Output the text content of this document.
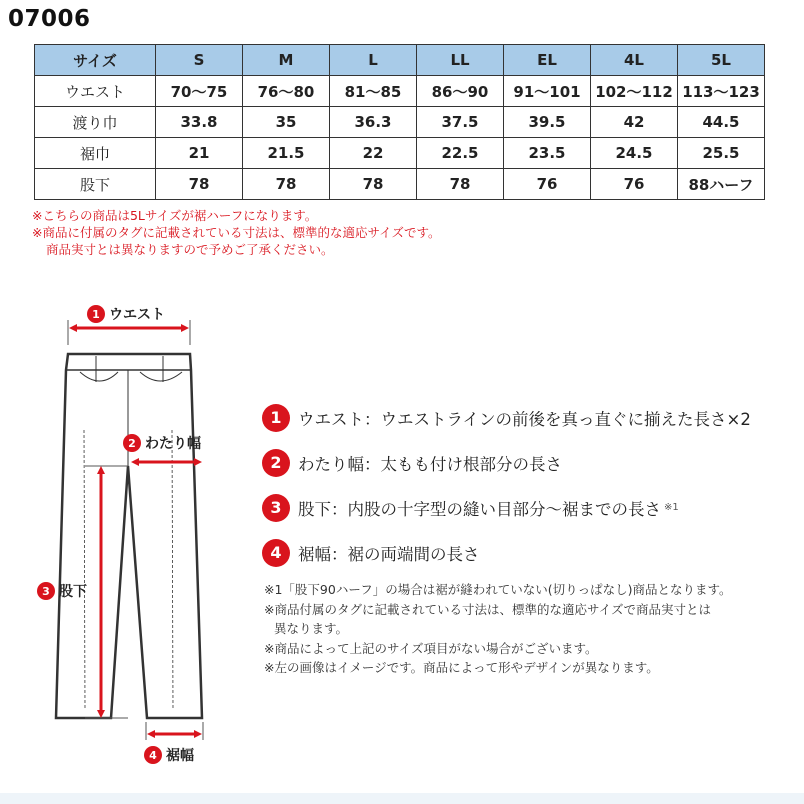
07006
サイズ	S	M	L	LL	EL	4L	5L
ウエスト	70〜75	76〜80	81〜85	86〜90	91〜101	102〜112	113〜123
渡り巾	33.8	35	36.3	37.5	39.5	42	44.5
裾巾	21	21.5	22	22.5	23.5	24.5	25.5
股下	78	78	78	78	76	76	88ハーフ
※こちらの商品は5Lサイズが裾ハーフになります。
※商品に付属のタグに記載されている寸法は、標準的な適応サイズです。
商品実寸とは異なりますので予めご了承ください。
1 ウエスト
2 わたり幅
3 股下
4 裾幅
1 ウエスト：ウエストラインの前後を真っ直ぐに揃えた長さ×2
2 わたり幅：太もも付け根部分の長さ
3 股下：内股の十字型の縫い目部分〜裾までの長さ ※1
4 裾幅：裾の両端間の長さ
※1「股下90ハーフ」の場合は裾が縫われていない(切りっぱなし)商品となります。
※商品付属のタグに記載されている寸法は、標準的な適応サイズで商品実寸とは
異なります。
※商品によって上記のサイズ項目がない場合がございます。
※左の画像はイメージです。商品によって形やデザインが異なります。
